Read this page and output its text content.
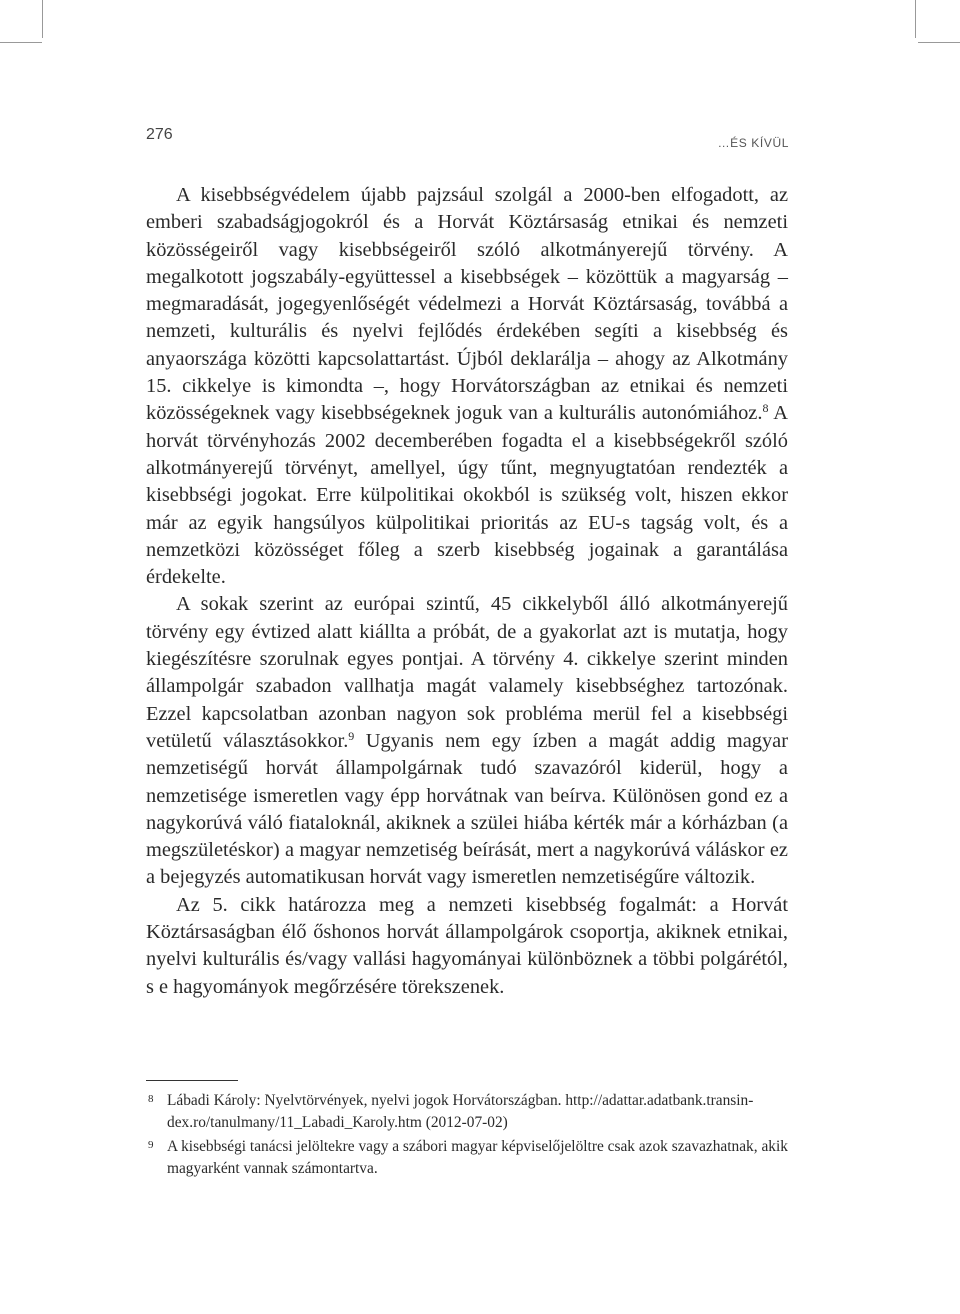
276	…ÉS KÍVÜL

A kisebbségvédelem újabb pajzsául szolgál a 2000-ben elfogadott, az emberi szabadságjogokról és a Horvát Köztársaság etnikai és nemzeti közösségeiről vagy kisebbségeiről szóló alkotmányerejű törvény. A megalkotott jogszabály-együttessel a kisebbségek – közöttük a magyarság – megmaradását, jogegyenlőségét védelmezi a Horvát Köztársaság, továbbá a nemzeti, kulturális és nyelvi fejlődés érdekében segíti a kisebbség és anyaországa közötti kapcsolattartást. Újból deklarálja – ahogy az Alkotmány 15. cikkelye is kimondta –, hogy Horvátországban az etnikai és nemzeti közösségeknek vagy kisebbségeknek joguk van a kulturális autonómiához.$^8$ A horvát törvényhozás 2002 decemberében fogadta el a kisebbségekről szóló alkotmányerejű törvényt, amellyel, úgy tűnt, megnyugtatóan rendezték a kisebbségi jogokat. Erre külpolitikai okokból is szükség volt, hiszen ekkor már az egyik hangsúlyos külpolitikai prioritás az EU-s tagság volt, és a nemzetközi közösséget főleg a szerb kisebbség jogainak a garantálása érdekelte.

A sokak szerint az európai szintű, 45 cikkelyből álló alkotmányerejű törvény egy évtized alatt kiállta a próbát, de a gyakorlat azt is mutatja, hogy kiegészítésre szorulnak egyes pontjai. A törvény 4. cikkelye szerint minden állampolgár szabadon vallhatja magát valamely kisebbséghez tartozónak. Ezzel kapcsolatban azonban nagyon sok probléma merül fel a kisebbségi vetületű választásokkor.$^9$ Ugyanis nem egy ízben a magát addig magyar nemzetiségű horvát állampolgárnak tudó szavazóról kiderül, hogy a nemzetisége ismeretlen vagy épp horvátnak van beírva. Különösen gond ez a nagykorúvá váló fiataloknál, akiknek a szülei hiába kérték már a kórházban (a megszületéskor) a magyar nemzetiség beírását, mert a nagykorúvá váláskor ez a bejegyzés automatikusan horvát vagy ismeretlen nemzetiségűre változik.

Az 5. cikk határozza meg a nemzeti kisebbség fogalmát: a Horvát Köztársaságban élő őshonos horvát állampolgárok csoportja, akiknek etnikai, nyelvi kulturális és/vagy vallási hagyományai különböznek a többi polgárétól, s e hagyományok megőrzésére törekszenek.

8 Lábadi Károly: Nyelvtörvények, nyelvi jogok Horvátországban. http://adattar.adatbank.transindex.ro/tanulmany/11_Labadi_Karoly.htm (2012-07-02)
9 A kisebbségi tanácsi jelöltekre vagy a szábori magyar képviselőjelöltre csak azok szavazhatnak, akik magyarként vannak számontartva.
